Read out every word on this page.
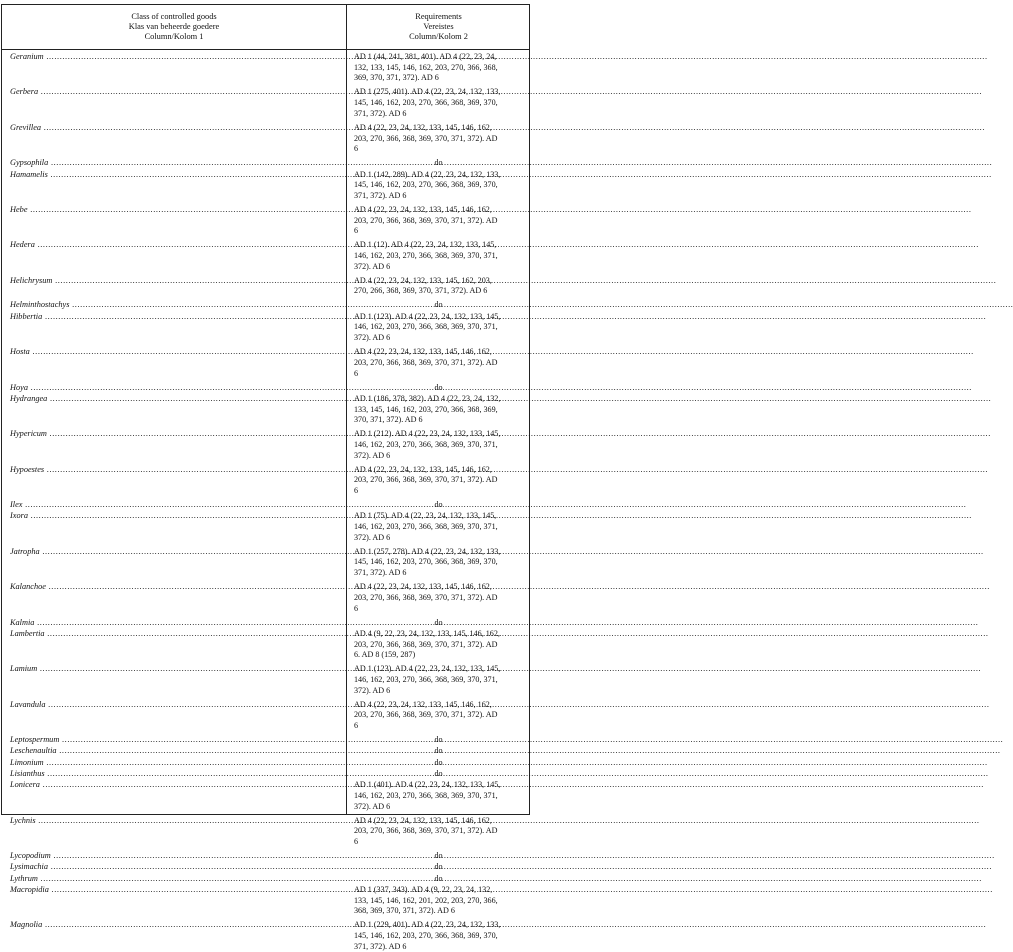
Class of controlled goods
Klas van beheerde goedere
Column/Kolom 1
Requirements
Vereistes
Column/Kolom 2
Geranium .....	AD 1 (44, 241, 381, 401). AD 4 (22, 23, 24,
132, 133, 145, 146, 162, 203, 270, 366, 368,
369, 370, 371, 372). AD 6
Gerbera .....	AD 1 (275, 401). AD 4 (22, 23, 24, 132, 133,
145, 146, 162, 203, 270, 366, 368, 369, 370,
371, 372). AD 6
Grevillea .....	AD 4 (22, 23, 24, 132, 133, 145, 146, 162,
203, 270, 366, 368, 369, 370, 371, 372). AD
6
Gypsophila .....	do
Hamamelis .....	AD 1 (142, 289). AD 4 (22, 23, 24, 132, 133,
145, 146, 162, 203, 270, 366, 368, 369, 370,
371, 372). AD 6
Hebe .....	AD 4 (22, 23, 24, 132, 133, 145, 146, 162,
203, 270, 366, 368, 369, 370, 371, 372). AD
6
Hedera .....	AD 1 (12). AD 4 (22, 23, 24, 132, 133, 145,
146, 162, 203, 270, 366, 368, 369, 370, 371,
372). AD 6
Helichrysum .....	AD 4 (22, 23, 24, 132, 133, 145, 162, 203,
270, 266, 368, 369, 370, 371, 372). AD 6
Helminthostachys .....	do
Hibbertia .....	AD 1 (123). AD 4 (22, 23, 24, 132, 133, 145,
146, 162, 203, 270, 366, 368, 369, 370, 371,
372). AD 6
Hosta .....	AD 4 (22, 23, 24, 132, 133, 145, 146, 162,
203, 270, 366, 368, 369, 370, 371, 372). AD
6
Hoya .....	do
Hydrangea .....	AD 1 (186, 378, 382). AD 4 (22, 23, 24, 132,
133, 145, 146, 162, 203, 270, 366, 368, 369,
370, 371, 372). AD 6
Hypericum .....	AD 1 (212). AD 4 (22, 23, 24, 132, 133, 145,
146, 162, 203, 270, 366, 368, 369, 370, 371,
372). AD 6
Hypoestes .....	AD 4 (22, 23, 24, 132, 133, 145, 146, 162,
203, 270, 366, 368, 369, 370, 371, 372). AD
6
Ilex .....	do
Ixora .....	AD 1 (75). AD 4 (22, 23, 24, 132, 133, 145,
146, 162, 203, 270, 366, 368, 369, 370, 371,
372). AD 6
Jatropha .....	AD 1 (257, 278). AD 4 (22, 23, 24, 132, 133,
145, 146, 162, 203, 270, 366, 368, 369, 370,
371, 372). AD 6
Kalanchoe .....	AD 4 (22, 23, 24, 132, 133, 145, 146, 162,
203, 270, 366, 368, 369, 370, 371, 372). AD
6
Kalmia .....	do
Lambertia .....	AD 4 (9, 22, 23, 24, 132, 133, 145, 146, 162,
203, 270, 366, 368, 369, 370, 371, 372). AD
6. AD 8 (159, 287)
Lamium .....	AD 1 (123). AD 4 (22, 23, 24, 132, 133, 145,
146, 162, 203, 270, 366, 368, 369, 370, 371,
372). AD 6
Lavandula .....	AD 4 (22, 23, 24, 132, 133, 145, 146, 162,
203, 270, 366, 368, 369, 370, 371, 372). AD
6
Leptospermum .....	do
Leschenaultia .....	do
Limonium .....	do
Lisianthus .....	do
Lonicera .....	AD 1 (401). AD 4 (22, 23, 24, 132, 133, 145,
146, 162, 203, 270, 366, 368, 369, 370, 371,
372). AD 6
Lychnis .....	AD 4 (22, 23, 24, 132, 133, 145, 146, 162,
203, 270, 366, 368, 369, 370, 371, 372). AD
6
Lycopodium .....	do
Lysimachia .....	do
Lythrum .....	do
Macropidia .....	AD 1 (337, 343). AD 4 (9, 22, 23, 24, 132,
133, 145, 146, 162, 201, 202, 203, 270, 366,
368, 369, 370, 371, 372). AD 6
Magnolia .....	AD 1 (229, 401). AD 4 (22, 23, 24, 132, 133,
145, 146, 162, 203, 270, 366, 368, 369, 370,
371, 372). AD 6
